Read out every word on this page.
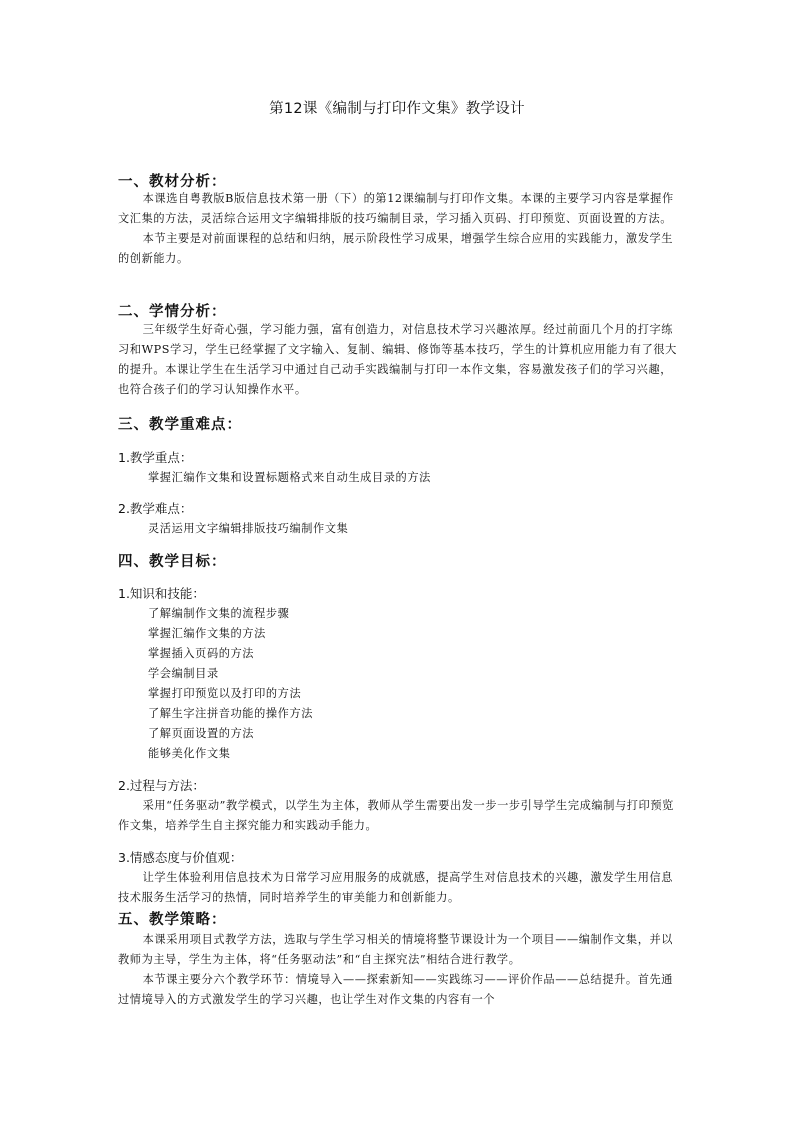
第12课《编制与打印作文集》教学设计
一、教材分析：

本课选自粤教版B版信息技术第一册（下）的第12课编制与打印作文集。本课的主要学习内容是掌握作文汇集的方法，灵活综合运用文字编辑排版的技巧编制目录，学习插入页码、打印预览、页面设置的方法。

本节主要是对前面课程的总结和归纳，展示阶段性学习成果，增强学生综合应用的实践能力，激发学生的创新能力。

二、学情分析：

三年级学生好奇心强，学习能力强，富有创造力，对信息技术学习兴趣浓厚。经过前面几个月的打字练习和WPS学习，学生已经掌握了文字输入、复制、编辑、修饰等基本技巧，学生的计算机应用能力有了很大的提升。本课让学生在生活学习中通过自己动手实践编制与打印一本作文集，容易激发孩子们的学习兴趣，也符合孩子们的学习认知操作水平。

三、教学重难点：
1.教学重点：
掌握汇编作文集和设置标题格式来自动生成目录的方法
2.教学难点：
灵活运用文字编辑排版技巧编制作文集
四、教学目标：
1.知识和技能：
了解编制作文集的流程步骤
掌握汇编作文集的方法
掌握插入页码的方法
学会编制目录
掌握打印预览以及打印的方法
了解生字注拼音功能的操作方法
了解页面设置的方法
能够美化作文集
2.过程与方法：

采用“任务驱动”教学模式，以学生为主体，教师从学生需要出发一步一步引导学生完成编制与打印预览作文集，培养学生自主探究能力和实践动手能力。

3.情感态度与价值观：

让学生体验利用信息技术为日常学习应用服务的成就感，提高学生对信息技术的兴趣，激发学生用信息技术服务生活学习的热情，同时培养学生的审美能力和创新能力。

五、教学策略：

本课采用项目式教学方法，选取与学生学习相关的情境将整节课设计为一个项目——编制作文集，并以教师为主导，学生为主体，将“任务驱动法”和“自主探究法”相结合进行教学。

本节课主要分六个教学环节：情境导入——探索新知——实践练习——评价作品——总结提升。首先通过情境导入的方式激发学生的学习兴趣，也让学生对作文集的内容有一个
